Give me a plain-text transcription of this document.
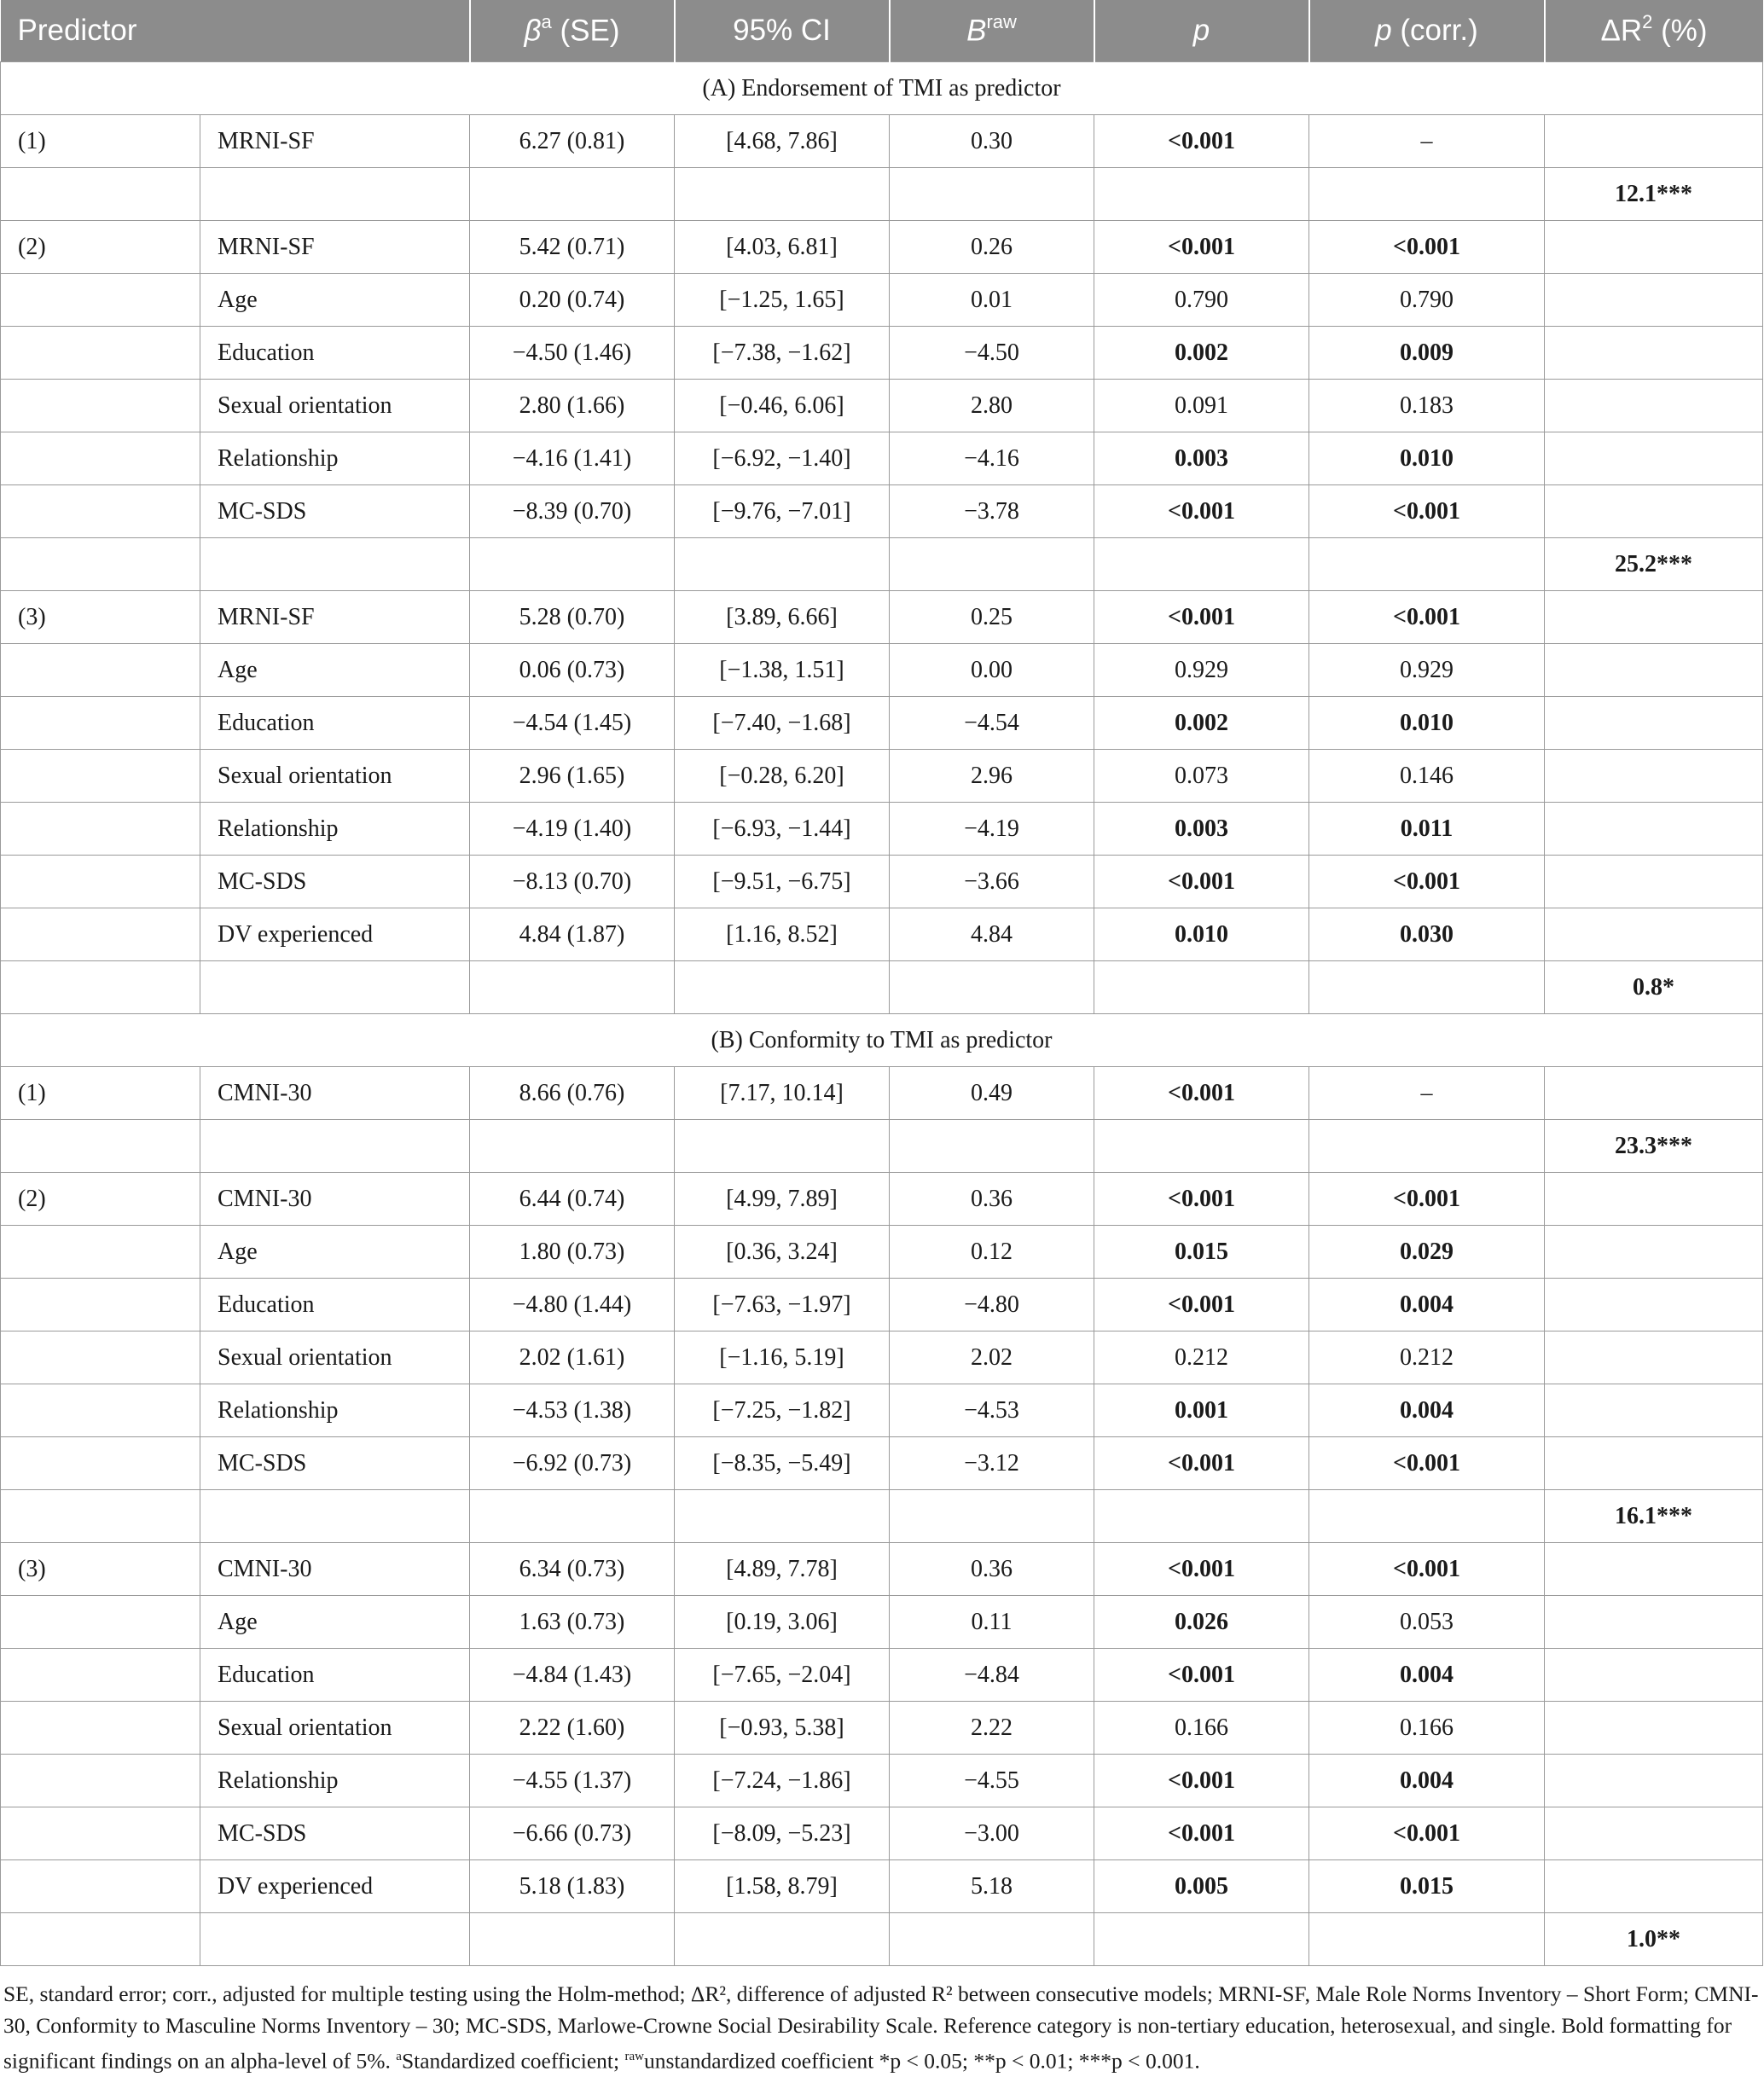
Predictor		$\beta^a$ (SE)	95% CI	$B^{raw}$	p	p (corr.)	$\Delta R^2$ (%)
(A) Endorsement of TMI as predictor							
(1)	MRNI-SF	6.27 (0.81)	[4.68, 7.86]	0.30	<0.001	–	
							12.1***
(2)	MRNI-SF	5.42 (0.71)	[4.03, 6.81]	0.26	<0.001	<0.001	
	Age	0.20 (0.74)	[−1.25, 1.65]	0.01	0.790	0.790	
	Education	−4.50 (1.46)	[−7.38, −1.62]	−4.50	0.002	0.009	
	Sexual orientation	2.80 (1.66)	[−0.46, 6.06]	2.80	0.091	0.183	
	Relationship	−4.16 (1.41)	[−6.92, −1.40]	−4.16	0.003	0.010	
	MC-SDS	−8.39 (0.70)	[−9.76, −7.01]	−3.78	<0.001	<0.001	
							25.2***
(3)	MRNI-SF	5.28 (0.70)	[3.89, 6.66]	0.25	<0.001	<0.001	
	Age	0.06 (0.73)	[−1.38, 1.51]	0.00	0.929	0.929	
	Education	−4.54 (1.45)	[−7.40, −1.68]	−4.54	0.002	0.010	
	Sexual orientation	2.96 (1.65)	[−0.28, 6.20]	2.96	0.073	0.146	
	Relationship	−4.19 (1.40)	[−6.93, −1.44]	−4.19	0.003	0.011	
	MC-SDS	−8.13 (0.70)	[−9.51, −6.75]	−3.66	<0.001	<0.001	
	DV experienced	4.84 (1.87)	[1.16, 8.52]	4.84	0.010	0.030	
							0.8*
(B) Conformity to TMI as predictor							
(1)	CMNI-30	8.66 (0.76)	[7.17, 10.14]	0.49	<0.001	–	
							23.3***
(2)	CMNI-30	6.44 (0.74)	[4.99, 7.89]	0.36	<0.001	<0.001	
	Age	1.80 (0.73)	[0.36, 3.24]	0.12	0.015	0.029	
	Education	−4.80 (1.44)	[−7.63, −1.97]	−4.80	<0.001	0.004	
	Sexual orientation	2.02 (1.61)	[−1.16, 5.19]	2.02	0.212	0.212	
	Relationship	−4.53 (1.38)	[−7.25, −1.82]	−4.53	0.001	0.004	
	MC-SDS	−6.92 (0.73)	[−8.35, −5.49]	−3.12	<0.001	<0.001	
							16.1***
(3)	CMNI-30	6.34 (0.73)	[4.89, 7.78]	0.36	<0.001	<0.001	
	Age	1.63 (0.73)	[0.19, 3.06]	0.11	0.026	0.053	
	Education	−4.84 (1.43)	[−7.65, −2.04]	−4.84	<0.001	0.004	
	Sexual orientation	2.22 (1.60)	[−0.93, 5.38]	2.22	0.166	0.166	
	Relationship	−4.55 (1.37)	[−7.24, −1.86]	−4.55	<0.001	0.004	
	MC-SDS	−6.66 (0.73)	[−8.09, −5.23]	−3.00	<0.001	<0.001	
	DV experienced	5.18 (1.83)	[1.58, 8.79]	5.18	0.005	0.015	
							1.0**
SE, standard error; corr., adjusted for multiple testing using the Holm-method; ΔR², difference of adjusted R² between consecutive models; MRNI-SF, Male Role Norms Inventory – Short Form; CMNI-30, Conformity to Masculine Norms Inventory – 30; MC-SDS, Marlowe-Crowne Social Desirability Scale. Reference category is non-tertiary education, heterosexual, and single. Bold formatting for significant findings on an alpha-level of 5%. $^a$Standardized coefficient; $^{raw}$unstandardized coefficient *p < 0.05; **p < 0.01; ***p < 0.001.
